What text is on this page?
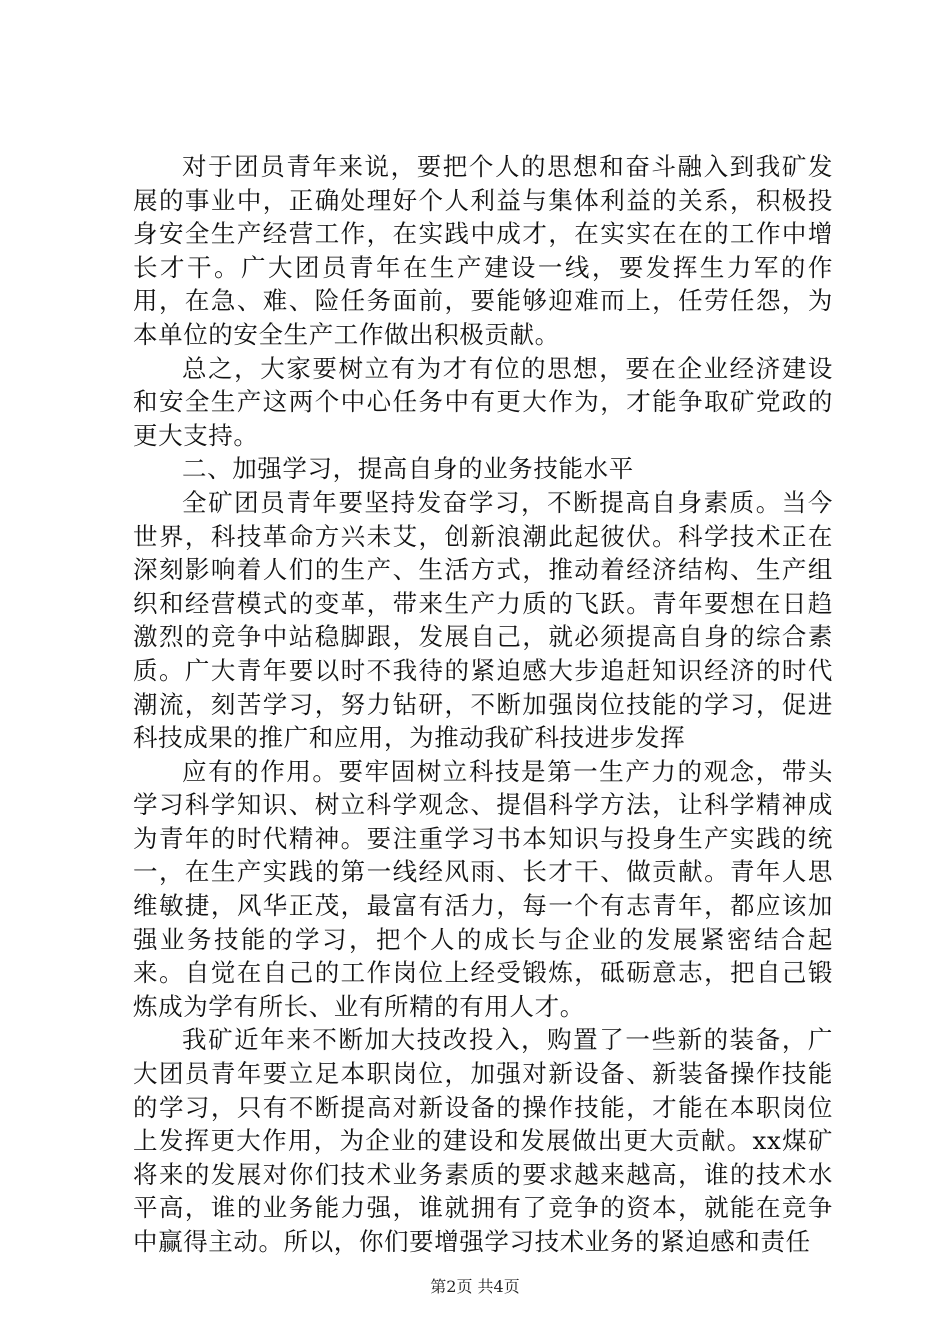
对于团员青年来说，要把个人的思想和奋斗融入到我矿发展的事业中，正确处理好个人利益与集体利益的关系，积极投身安全生产经营工作，在实践中成才，在实实在在的工作中增长才干。广大团员青年在生产建设一线，要发挥生力军的作用，在急、难、险任务面前，要能够迎难而上，任劳任怨，为本单位的安全生产工作做出积极贡献。

总之，大家要树立有为才有位的思想，要在企业经济建设和安全生产这两个中心任务中有更大作为，才能争取矿党政的更大支持。

二、加强学习，提高自身的业务技能水平

全矿团员青年要坚持发奋学习，不断提高自身素质。当今世界，科技革命方兴未艾，创新浪潮此起彼伏。科学技术正在深刻影响着人们的生产、生活方式，推动着经济结构、生产组织和经营模式的变革，带来生产力质的飞跃。青年要想在日趋激烈的竞争中站稳脚跟，发展自己，就必须提高自身的综合素质。广大青年要以时不我待的紧迫感大步追赶知识经济的时代潮流，刻苦学习，努力钻研，不断加强岗位技能的学习，促进科技成果的推广和应用，为推动我矿科技进步发挥

应有的作用。要牢固树立科技是第一生产力的观念，带头学习科学知识、树立科学观念、提倡科学方法，让科学精神成为青年的时代精神。要注重学习书本知识与投身生产实践的统一，在生产实践的第一线经风雨、长才干、做贡献。青年人思维敏捷，风华正茂，最富有活力，每一个有志青年，都应该加强业务技能的学习，把个人的成长与企业的发展紧密结合起来。自觉在自己的工作岗位上经受锻炼，砥砺意志，把自己锻炼成为学有所长、业有所精的有用人才。

我矿近年来不断加大技改投入，购置了一些新的装备，广大团员青年要立足本职岗位，加强对新设备、新装备操作技能的学习，只有不断提高对新设备的操作技能，才能在本职岗位上发挥更大作用，为企业的建设和发展做出更大贡献。xx煤矿将来的发展对你们技术业务素质的要求越来越高，谁的技术水平高，谁的业务能力强，谁就拥有了竞争的资本，就能在竞争中赢得主动。所以，你们要增强学习技术业务的紧迫感和责任

第2页 共4页
